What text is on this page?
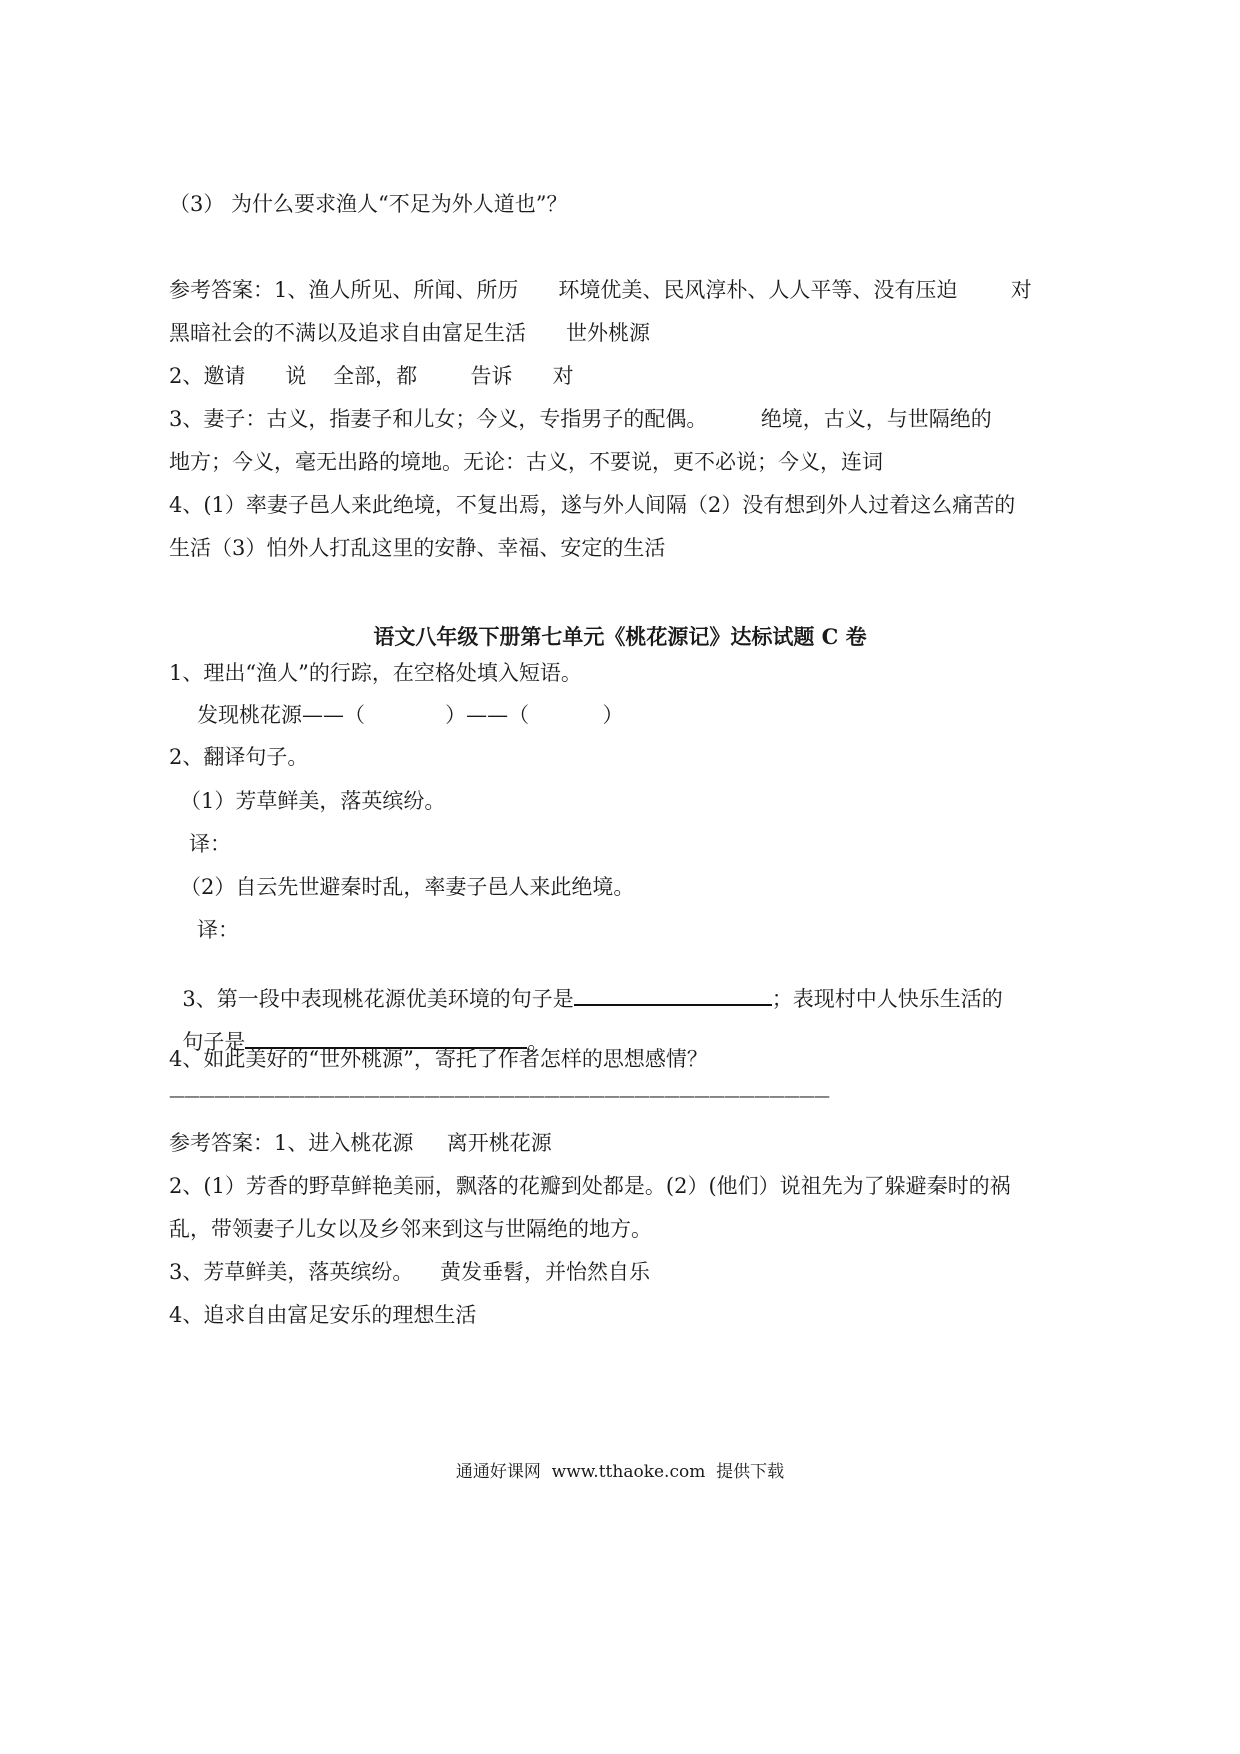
（3） 为什么要求渔人“不足为外人道也”？
参考答案：1、渔人所见、所闻、所历      环境优美、民风淳朴、人人平等、没有压迫        对
黑暗社会的不满以及追求自由富足生活      世外桃源
2、邀请      说    全部，都        告诉      对
3、妻子：古义，指妻子和儿女；今义，专指男子的配偶。        绝境，古义，与世隔绝的
地方；今义，毫无出路的境地。无论：古义，不要说，更不必说；今义，连词
4、(1）率妻子邑人来此绝境，不复出焉，遂与外人间隔（2）没有想到外人过着这么痛苦的
生活（3）怕外人打乱这里的安静、幸福、安定的生活
语文八年级下册第七单元《桃花源记》达标试题 C 卷
1、理出“渔人”的行踪，在空格处填入短语。
发现桃花源——（            ）——（           ）
2、翻译句子。
（1）芳草鲜美，落英缤纷。
译：
（2）自云先世避秦时乱，率妻子邑人来此绝境。
译：

3、第一段中表现桃花源优美环境的句子是	；表现村中人快乐生活的

句子是	。

4、如此美好的“世外桃源”，寄托了作者怎样的思想感情？
————————————————————————————————————————————
参考答案：1、进入桃花源     离开桃花源
2、(1）芳香的野草鲜艳美丽，飘落的花瓣到处都是。(2）(他们）说祖先为了躲避秦时的祸
乱，带领妻子儿女以及乡邻来到这与世隔绝的地方。
3、芳草鲜美，落英缤纷。    黄发垂髫，并怡然自乐
4、追求自由富足安乐的理想生活
通通好课网  www.tthaoke.com  提供下载
